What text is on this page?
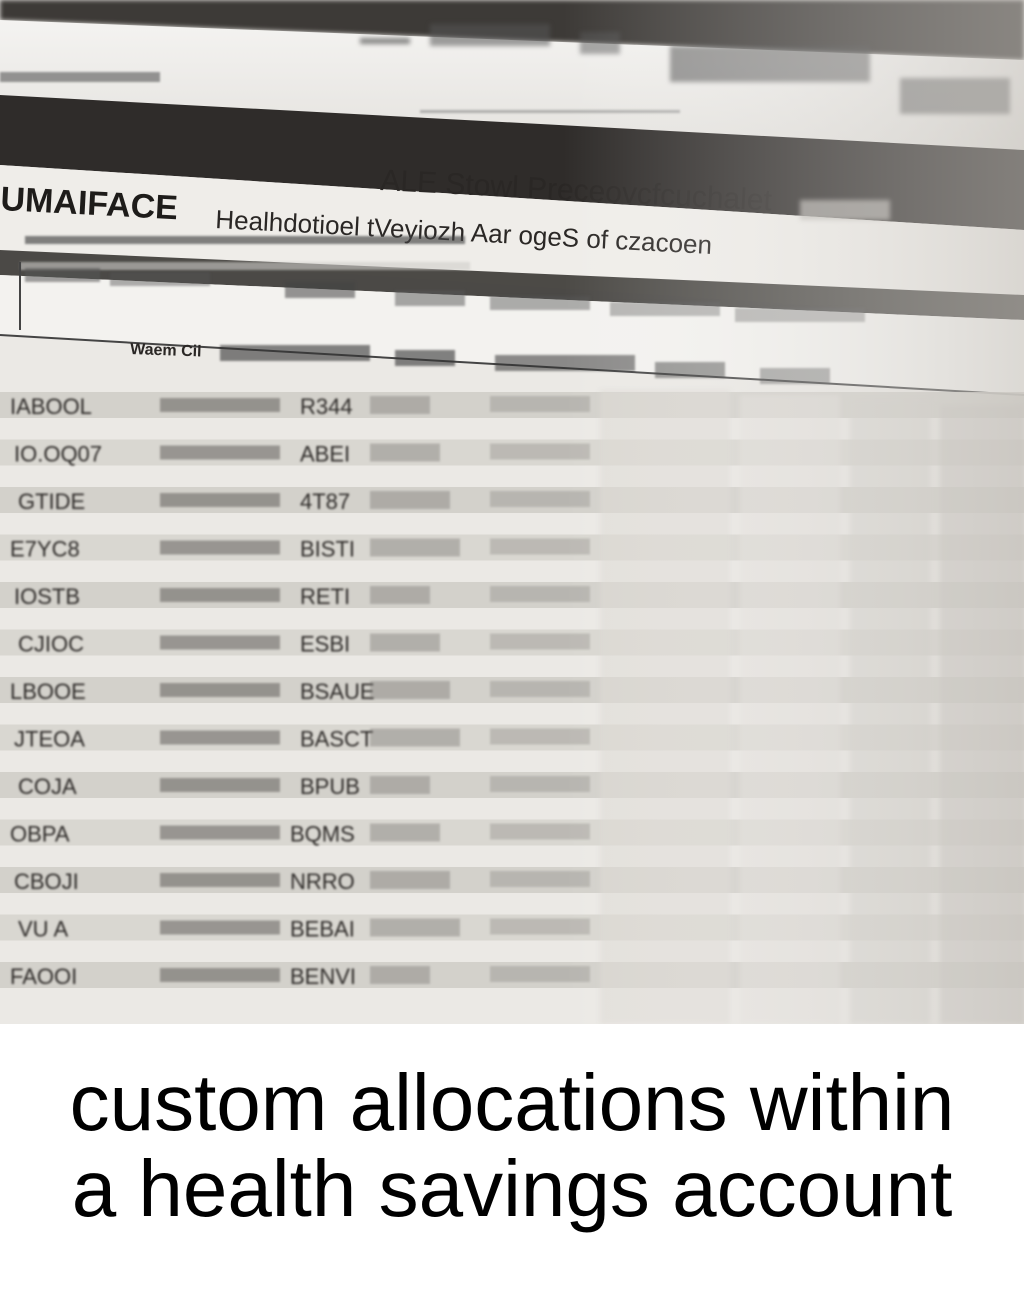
custom allocations within
a health savings account
